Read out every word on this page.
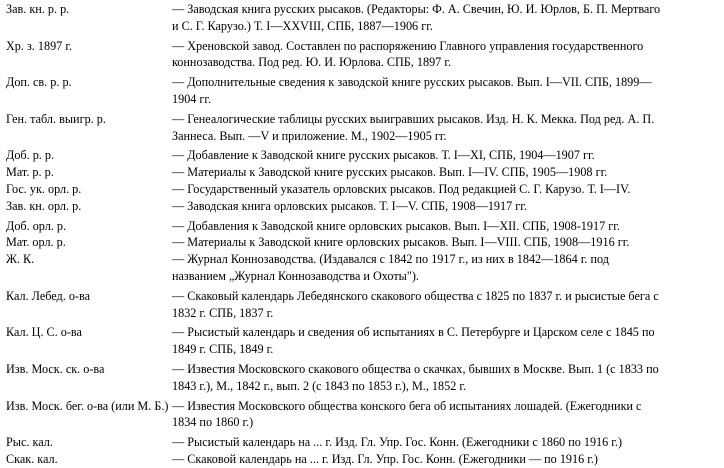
Зав. кн. р. р.	— Заводская книга русских рысаков. (Редакторы: Ф. А. Свечин, Ю. И. Юрлов, Б. П. Мертваго
и С. Г. Карузо.) Т. I—XXVIII, СПБ, 1887—1906 гг.
Хр. з. 1897 г.	— Хреновской завод. Составлен по распоряжению Главного управления государственного
коннозаводства. Под ред. Ю. И. Юрлова. СПБ, 1897 г.
Доп. св. р. р.	— Дополнительные сведения к заводской книге русских рысаков. Вып. I—VII. СПБ, 1899—
1904 гг.
Ген. табл. выигр. р.	— Генеалогические таблицы русских выигравших рысаков. Изд. Н. К. Мекка. Под ред. А. П.
Заннеса. Вып. —V и приложение. М., 1902—1905 гг.
Доб. р. р.	— Добавление к Заводской книге русских рысаков. Т. I—XI, СПБ, 1904—1907 гг.
Мат. р. р.	— Материалы к Заводской книге русских рысаков. Вып. I—IV. СПБ, 1905—1908 гг.
Гос. ук. орл. р.	— Государственный указатель орловских рысаков. Под редакцией С. Г. Карузо. Т. I—IV.
Зав. кн. орл. р.	— Заводская книга орловских рысаков. Т. I—V. СПБ, 1908—1917 гг.
Доб. орл. р.	— Добавления к Заводской книге орловских рысаков. Вып. I—XII. СПБ, 1908-1917 гг.
Мат. орл. р.	— Материалы к Заводской книге орловских рысаков. Вып. I—VIII. СПБ, 1908—1916 гг.
Ж. К.	— Журнал Коннозаводства. (Издавался с 1842 по 1917 г., из них в 1842—1864 г. под
названием „Журнал Коннозаводства и Охоты").
Кал. Лебед. о-ва	— Скаковый календарь Лебедянского скакового общества с 1825 по 1837 г. и рысистые бега с
1832 г. СПБ, 1837 г.
Кал. Ц. С. о-ва	— Рысистый календарь и сведения об испытаниях в С. Петербурге и Царском селе с 1845 по
1849 г. СПБ, 1849 г.
Изв. Моск. ск. о-ва	— Известия Московского скакового общества о скачках, бывших в Москве. Вып. 1 (с 1833 по
1843 г.), М., 1842 г., вып. 2 (с 1843 по 1853 г.), М., 1852 г.
Изв. Моск. бег. о-ва (или М. Б.) — Известия Московского общества конского бега об испытаниях лошадей. (Ежегодники с
1834 по 1860 г.)
Рыс. кал.	— Рысистый календарь на ... г. Изд. Гл. Упр. Гос. Конн. (Ежегодники с 1860 по 1916 г.)
Скак. кал.	— Скаковой календарь на ... г. Изд. Гл. Упр. Гос. Конн. (Ежегодники — по 1916 г.)
